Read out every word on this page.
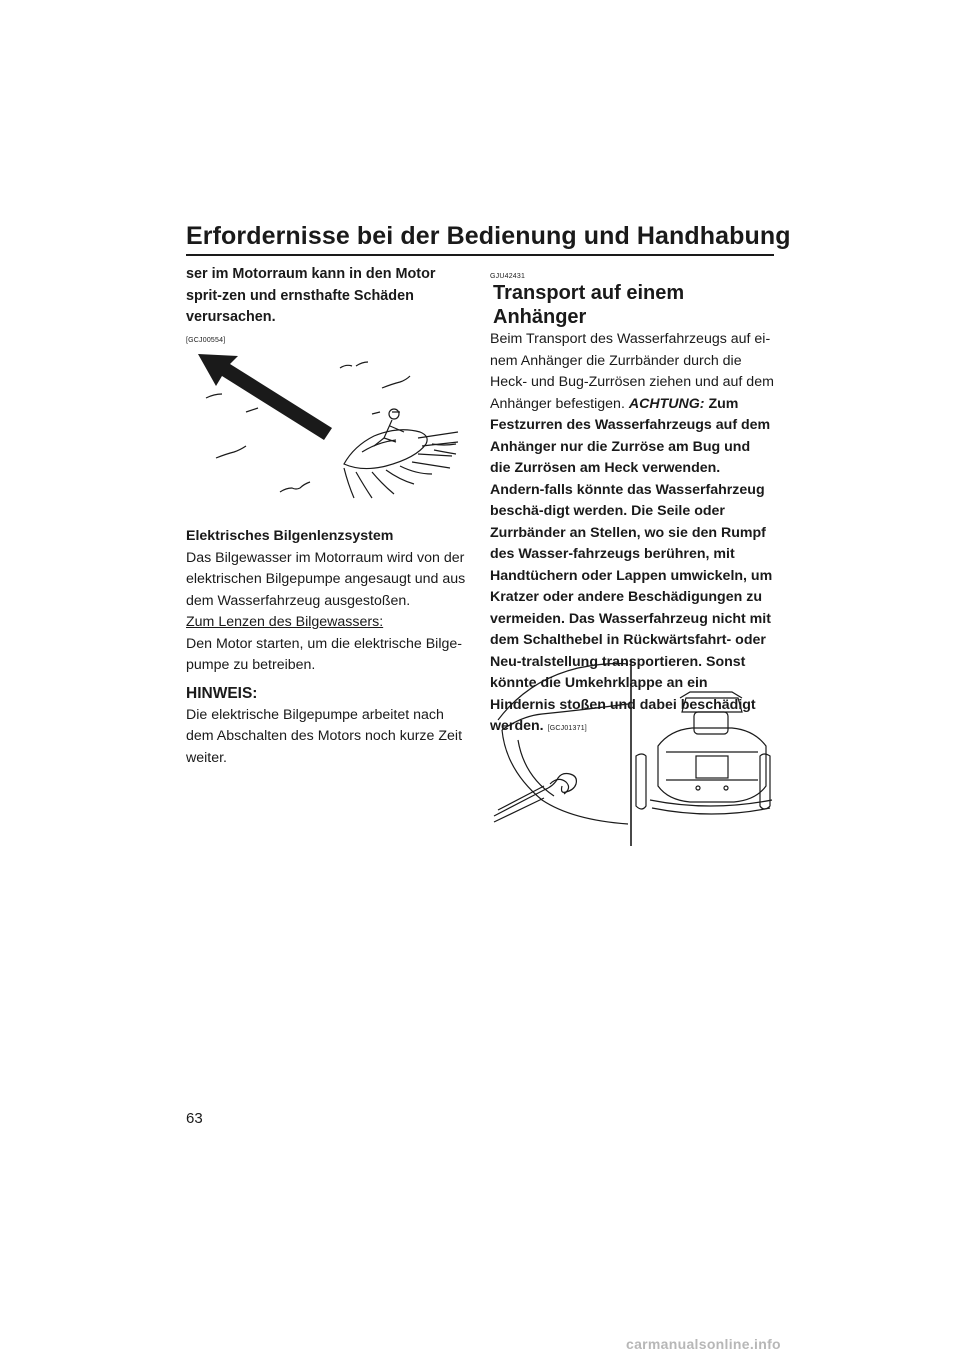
Erfordernisse bei der Bedienung und Handhabung

ser im Motorraum kann in den Motor sprit-zen und ernsthafte Schäden verursachen.

[GCJ00554]

Elektrisches Bilgenlenzsystem

Das Bilgewasser im Motorraum wird von der elektrischen Bilgepumpe angesaugt und aus dem Wasserfahrzeug ausgestoßen.

Zum Lenzen des Bilgewassers:

Den Motor starten, um die elektrische Bilge-pumpe zu betreiben.

HINWEIS:

Die elektrische Bilgepumpe arbeitet nach dem Abschalten des Motors noch kurze Zeit weiter.

GJU42431
Transport auf einem Anhänger

Beim Transport des Wasserfahrzeugs auf ei-nem Anhänger die Zurrbänder durch die Heck- und Bug-Zurrösen ziehen und auf dem Anhänger befestigen. ACHTUNG: Zum Festzurren des Wasserfahrzeugs auf dem Anhänger nur die Zurröse am Bug und die Zurrösen am Heck verwenden. Andern-falls könnte das Wasserfahrzeug beschä-digt werden. Die Seile oder Zurrbänder an Stellen, wo sie den Rumpf des Wasser-fahrzeugs berühren, mit Handtüchern oder Lappen umwickeln, um Kratzer oder andere Beschädigungen zu vermeiden. Das Wasserfahrzeug nicht mit dem Schalthebel in Rückwärtsfahrt- oder Neu-tralstellung transportieren. Sonst könnte die Umkehrklappe an ein Hindernis stoßen und dabei beschädigt werden. [GCJ01371]

63
carmanualsonline.info
